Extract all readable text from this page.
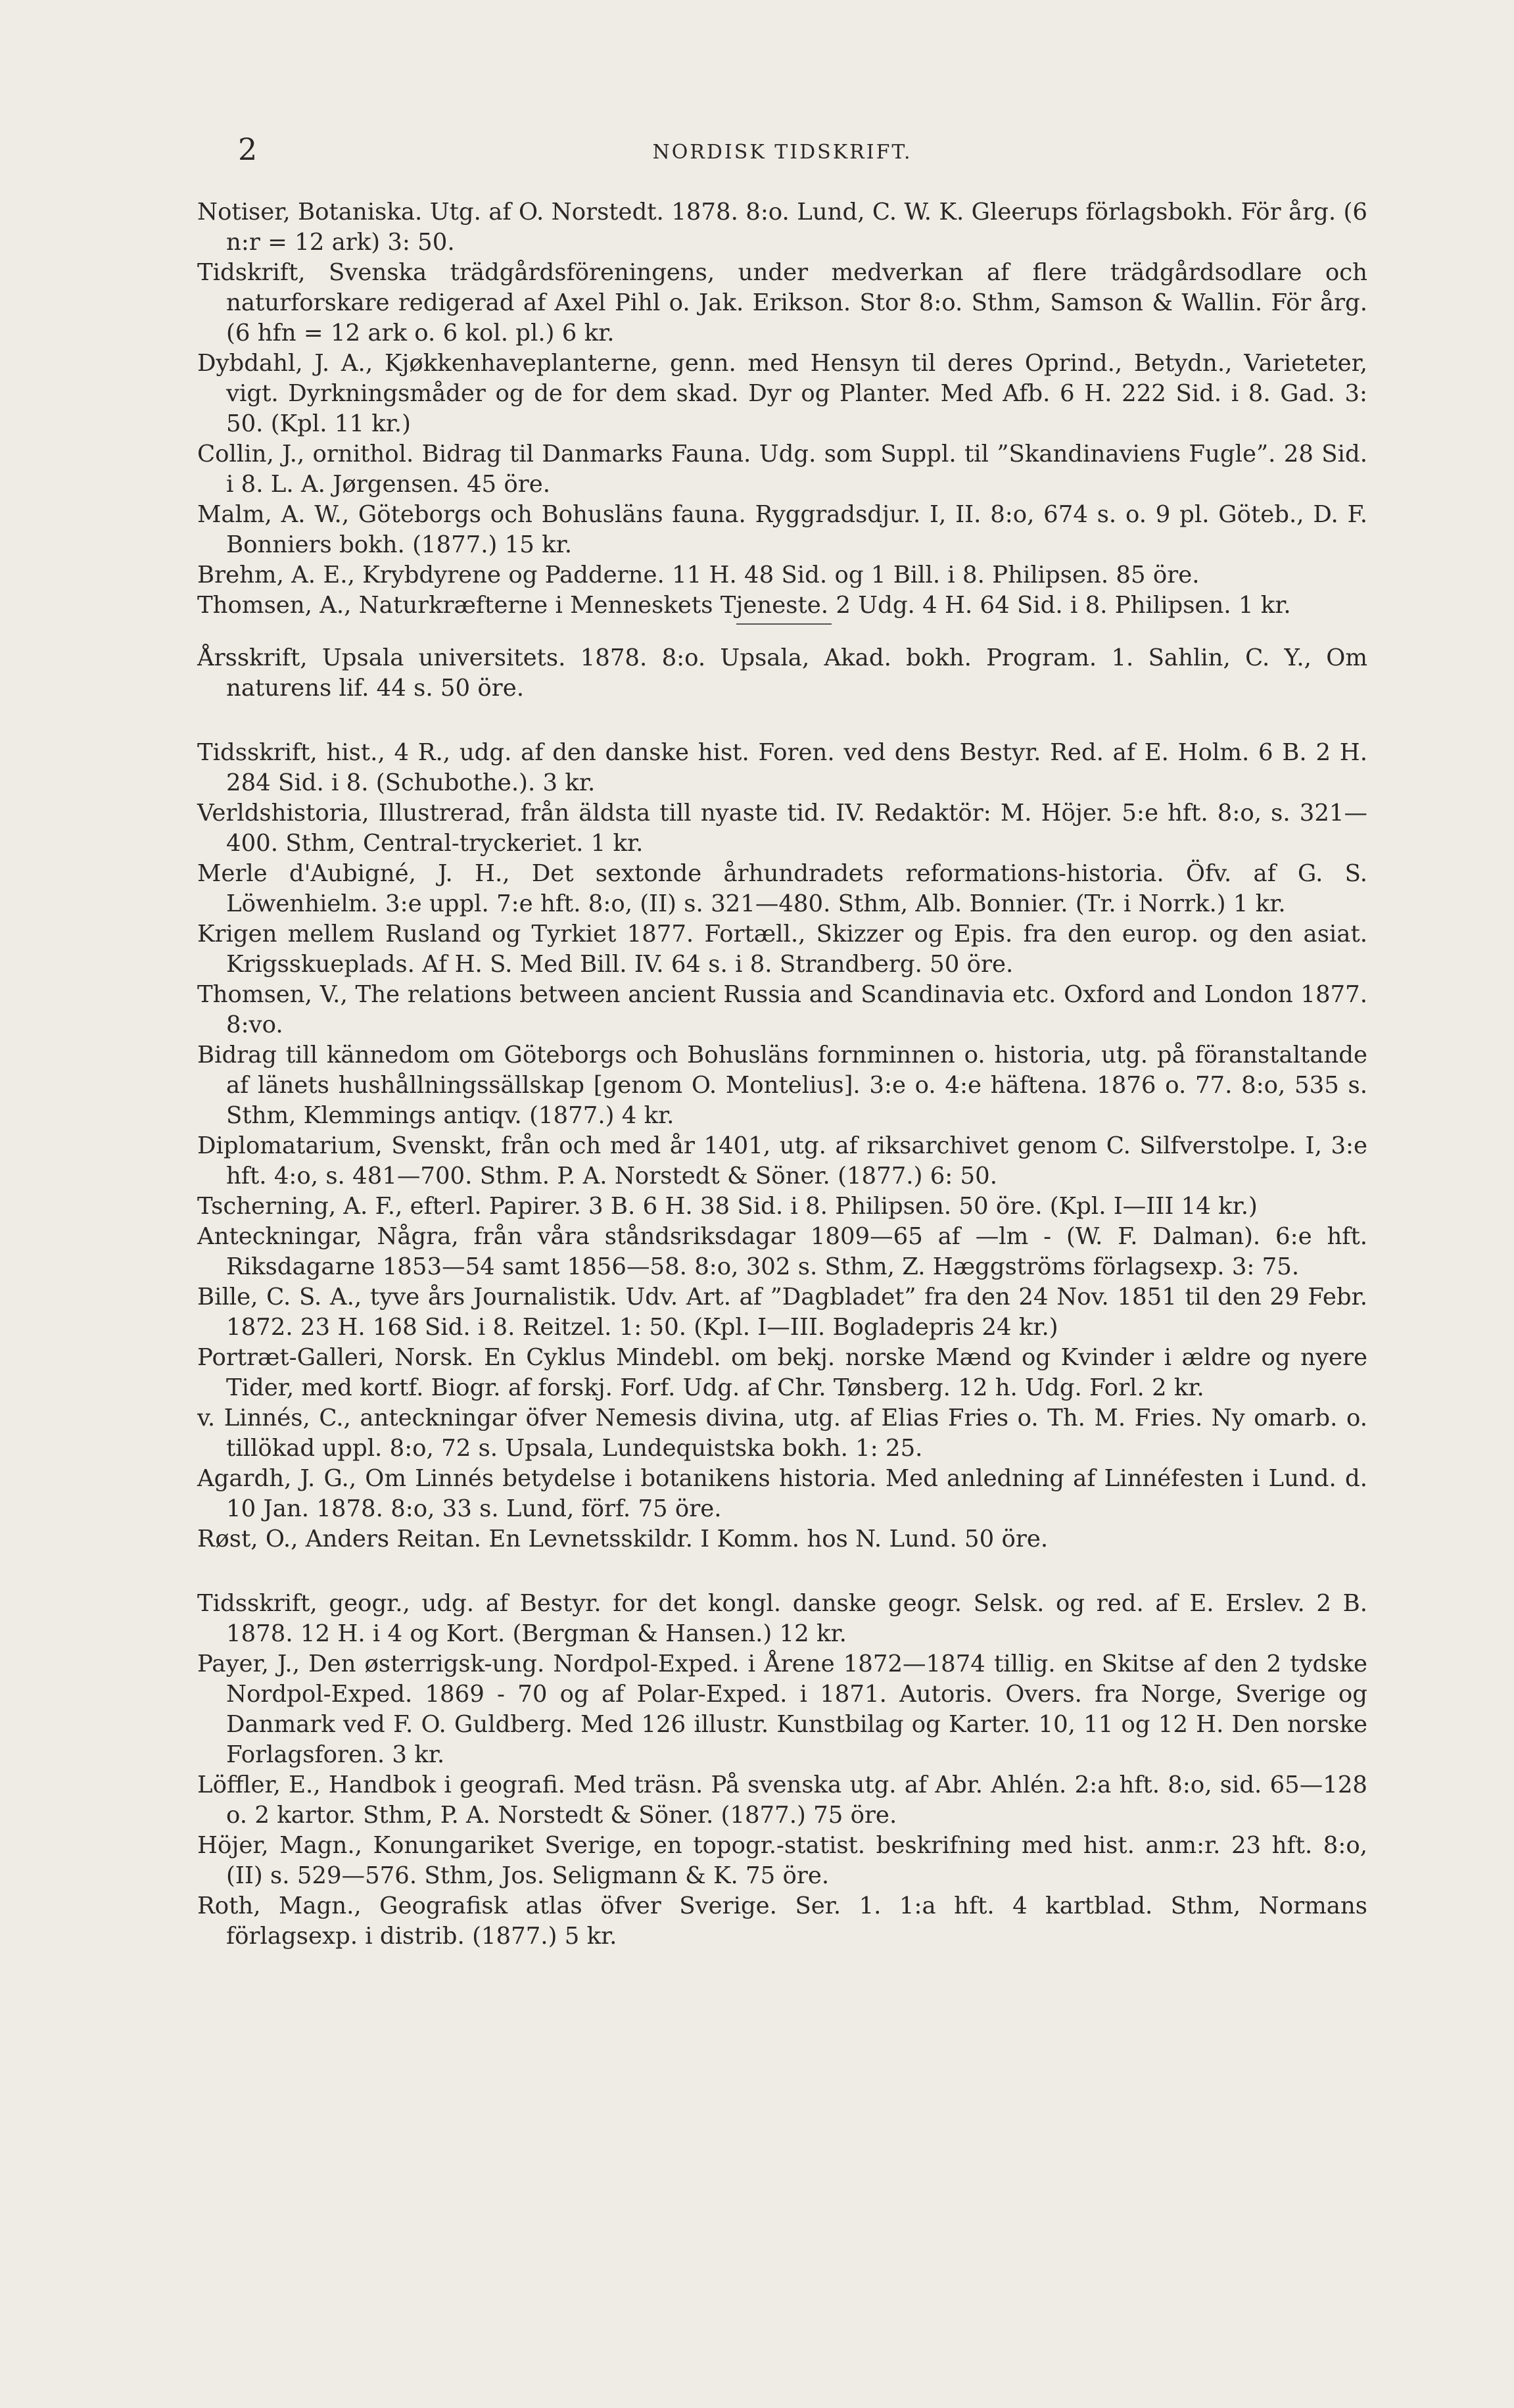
2	NORDISK TIDSKRIFT.

Notiser, Botaniska. Utg. af O. Norstedt. 1878. 8:o. Lund, C. W. K. Gleerups förlagsbokh. För årg. (6 n:r = 12 ark) 3: 50.

Tidskrift, Svenska trädgårdsföreningens, under medverkan af flere trädgårdsodlare och naturforskare redigerad af Axel Pihl o. Jak. Erikson. Stor 8:o. Sthm, Samson & Wallin. För årg. (6 hfn = 12 ark o. 6 kol. pl.) 6 kr.

Dybdahl, J. A., Kjøkkenhaveplanterne, genn. med Hensyn til deres Oprind., Betydn., Varieteter, vigt. Dyrkningsmåder og de for dem skad. Dyr og Planter. Med Afb. 6 H. 222 Sid. i 8. Gad. 3: 50. (Kpl. 11 kr.)

Collin, J., ornithol. Bidrag til Danmarks Fauna. Udg. som Suppl. til ”Skandinaviens Fugle”. 28 Sid. i 8. L. A. Jørgensen. 45 öre.

Malm, A. W., Göteborgs och Bohusläns fauna. Ryggradsdjur. I, II. 8:o, 674 s. o. 9 pl. Göteb., D. F. Bonniers bokh. (1877.) 15 kr.

Brehm, A. E., Krybdyrene og Padderne. 11 H. 48 Sid. og 1 Bill. i 8. Philipsen. 85 öre.

Thomsen, A., Naturkræfterne i Menneskets Tjeneste. 2 Udg. 4 H. 64 Sid. i 8. Philipsen. 1 kr.

Årsskrift, Upsala universitets. 1878. 8:o. Upsala, Akad. bokh. Program. 1. Sahlin, C. Y., Om naturens lif. 44 s. 50 öre.

Tidsskrift, hist., 4 R., udg. af den danske hist. Foren. ved dens Bestyr. Red. af E. Holm. 6 B. 2 H. 284 Sid. i 8. (Schubothe.). 3 kr.

Verldshistoria, Illustrerad, från äldsta till nyaste tid. IV. Redaktör: M. Höjer. 5:e hft. 8:o, s. 321—400. Sthm, Central-tryckeriet. 1 kr.

Merle d'Aubigné, J. H., Det sextonde århundradets reformations-historia. Öfv. af G. S. Löwenhielm. 3:e uppl. 7:e hft. 8:o, (II) s. 321—480. Sthm, Alb. Bonnier. (Tr. i Norrk.) 1 kr.

Krigen mellem Rusland og Tyrkiet 1877. Fortæll., Skizzer og Epis. fra den europ. og den asiat. Krigsskueplads. Af H. S. Med Bill. IV. 64 s. i 8. Strandberg. 50 öre.

Thomsen, V., The relations between ancient Russia and Scandinavia etc. Oxford and London 1877. 8:vo.

Bidrag till kännedom om Göteborgs och Bohusläns fornminnen o. historia, utg. på föranstaltande af länets hushållningssällskap [genom O. Montelius]. 3:e o. 4:e häftena. 1876 o. 77. 8:o, 535 s. Sthm, Klemmings antiqv. (1877.) 4 kr.

Diplomatarium, Svenskt, från och med år 1401, utg. af riksarchivet genom C. Silfverstolpe. I, 3:e hft. 4:o, s. 481—700. Sthm. P. A. Norstedt & Söner. (1877.) 6: 50.

Tscherning, A. F., efterl. Papirer. 3 B. 6 H. 38 Sid. i 8. Philipsen. 50 öre. (Kpl. I—III 14 kr.)

Anteckningar, Några, från våra ståndsriksdagar 1809—65 af —lm - (W. F. Dalman). 6:e hft. Riksdagarne 1853—54 samt 1856—58. 8:o, 302 s. Sthm, Z. Hæggströms förlagsexp. 3: 75.

Bille, C. S. A., tyve års Journalistik. Udv. Art. af ”Dagbladet” fra den 24 Nov. 1851 til den 29 Febr. 1872. 23 H. 168 Sid. i 8. Reitzel. 1: 50. (Kpl. I—III. Bogladepris 24 kr.)

Portræt-Galleri, Norsk. En Cyklus Mindebl. om bekj. norske Mænd og Kvinder i ældre og nyere Tider, med kortf. Biogr. af forskj. Forf. Udg. af Chr. Tønsberg. 12 h. Udg. Forl. 2 kr.

v. Linnés, C., anteckningar öfver Nemesis divina, utg. af Elias Fries o. Th. M. Fries. Ny omarb. o. tillökad uppl. 8:o, 72 s. Upsala, Lundequistska bokh. 1: 25.

Agardh, J. G., Om Linnés betydelse i botanikens historia. Med anledning af Linnéfesten i Lund. d. 10 Jan. 1878. 8:o, 33 s. Lund, förf. 75 öre.

Røst, O., Anders Reitan. En Levnetsskildr. I Komm. hos N. Lund. 50 öre.

Tidsskrift, geogr., udg. af Bestyr. for det kongl. danske geogr. Selsk. og red. af E. Erslev. 2 B. 1878. 12 H. i 4 og Kort. (Bergman & Hansen.) 12 kr.

Payer, J., Den østerrigsk-ung. Nordpol-Exped. i Årene 1872—1874 tillig. en Skitse af den 2 tydske Nordpol-Exped. 1869 - 70 og af Polar-Exped. i 1871. Autoris. Overs. fra Norge, Sverige og Danmark ved F. O. Guldberg. Med 126 illustr. Kunstbilag og Karter. 10, 11 og 12 H. Den norske Forlagsforen. 3 kr.

Löffler, E., Handbok i geografi. Med träsn. På svenska utg. af Abr. Ahlén. 2:a hft. 8:o, sid. 65—128 o. 2 kartor. Sthm, P. A. Norstedt & Söner. (1877.) 75 öre.

Höjer, Magn., Konungariket Sverige, en topogr.-statist. beskrifning med hist. anm:r. 23 hft. 8:o, (II) s. 529—576. Sthm, Jos. Seligmann & K. 75 öre.

Roth, Magn., Geografisk atlas öfver Sverige. Ser. 1. 1:a hft. 4 kartblad. Sthm, Normans förlagsexp. i distrib. (1877.) 5 kr.
